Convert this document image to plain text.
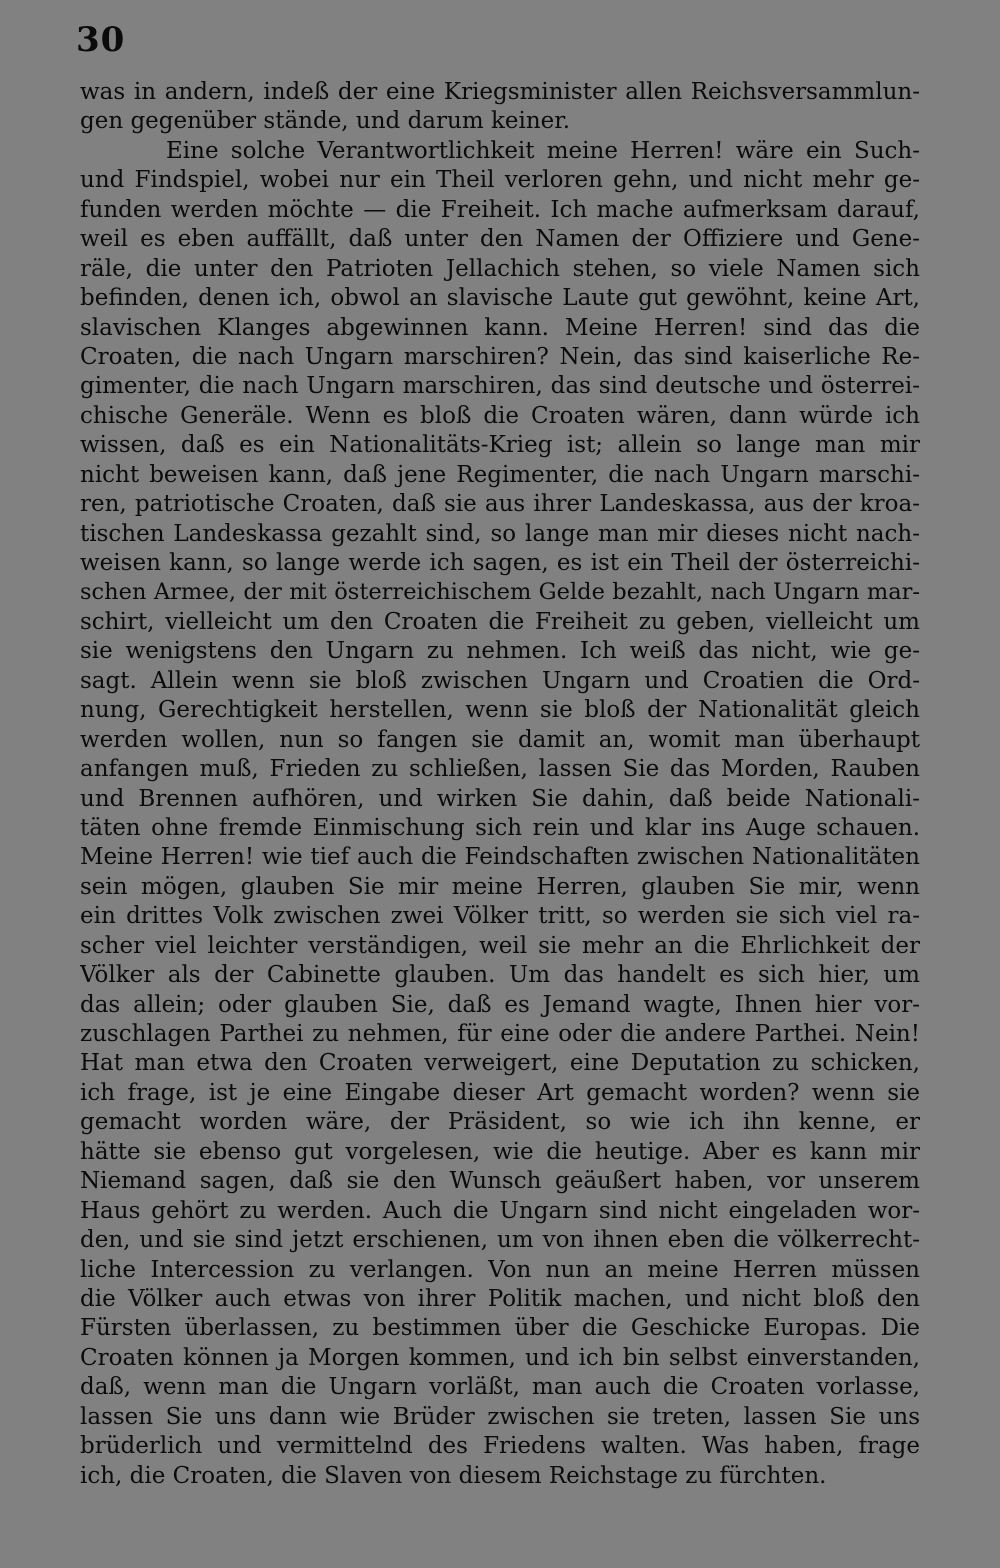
30
was in andern, indeß der eine Kriegsminister allen Reichsversammlun-
gen gegenüber stände, und darum keiner.
Eine solche Verantwortlichkeit meine Herren! wäre ein Such-
und Findspiel, wobei nur ein Theil verloren gehn, und nicht mehr ge-
funden werden möchte — die Freiheit. Ich mache aufmerksam darauf,
weil es eben auffällt, daß unter den Namen der Offiziere und Gene-
räle, die unter den Patrioten Jellachich stehen, so viele Namen sich
befinden, denen ich, obwol an slavische Laute gut gewöhnt, keine Art,
slavischen Klanges abgewinnen kann. Meine Herren! sind das die
Croaten, die nach Ungarn marschiren? Nein, das sind kaiserliche Re-
gimenter, die nach Ungarn marschiren, das sind deutsche und österrei-
chische Generäle. Wenn es bloß die Croaten wären, dann würde ich
wissen, daß es ein Nationalitäts-Krieg ist; allein so lange man mir
nicht beweisen kann, daß jene Regimenter, die nach Ungarn marschi-
ren, patriotische Croaten, daß sie aus ihrer Landeskassa, aus der kroa-
tischen Landeskassa gezahlt sind, so lange man mir dieses nicht nach-
weisen kann, so lange werde ich sagen, es ist ein Theil der österreichi-
schen Armee, der mit österreichischem Gelde bezahlt, nach Ungarn mar-
schirt, vielleicht um den Croaten die Freiheit zu geben, vielleicht um
sie wenigstens den Ungarn zu nehmen. Ich weiß das nicht, wie ge-
sagt. Allein wenn sie bloß zwischen Ungarn und Croatien die Ord-
nung, Gerechtigkeit herstellen, wenn sie bloß der Nationalität gleich
werden wollen, nun so fangen sie damit an, womit man überhaupt
anfangen muß, Frieden zu schließen, lassen Sie das Morden, Rauben
und Brennen aufhören, und wirken Sie dahin, daß beide Nationali-
täten ohne fremde Einmischung sich rein und klar ins Auge schauen.
Meine Herren! wie tief auch die Feindschaften zwischen Nationalitäten
sein mögen, glauben Sie mir meine Herren, glauben Sie mir, wenn
ein drittes Volk zwischen zwei Völker tritt, so werden sie sich viel ra-
scher viel leichter verständigen, weil sie mehr an die Ehrlichkeit der
Völker als der Cabinette glauben. Um das handelt es sich hier, um
das allein; oder glauben Sie, daß es Jemand wagte, Ihnen hier vor-
zuschlagen Parthei zu nehmen, für eine oder die andere Parthei. Nein!
Hat man etwa den Croaten verweigert, eine Deputation zu schicken,
ich frage, ist je eine Eingabe dieser Art gemacht worden? wenn sie
gemacht worden wäre, der Präsident, so wie ich ihn kenne, er
hätte sie ebenso gut vorgelesen, wie die heutige. Aber es kann mir
Niemand sagen, daß sie den Wunsch geäußert haben, vor unserem
Haus gehört zu werden. Auch die Ungarn sind nicht eingeladen wor-
den, und sie sind jetzt erschienen, um von ihnen eben die völkerrecht-
liche Intercession zu verlangen. Von nun an meine Herren müssen
die Völker auch etwas von ihrer Politik machen, und nicht bloß den
Fürsten überlassen, zu bestimmen über die Geschicke Europas. Die
Croaten können ja Morgen kommen, und ich bin selbst einverstanden,
daß, wenn man die Ungarn vorläßt, man auch die Croaten vorlasse,
lassen Sie uns dann wie Brüder zwischen sie treten, lassen Sie uns
brüderlich und vermittelnd des Friedens walten. Was haben, frage
ich, die Croaten, die Slaven von diesem Reichstage zu fürchten.
